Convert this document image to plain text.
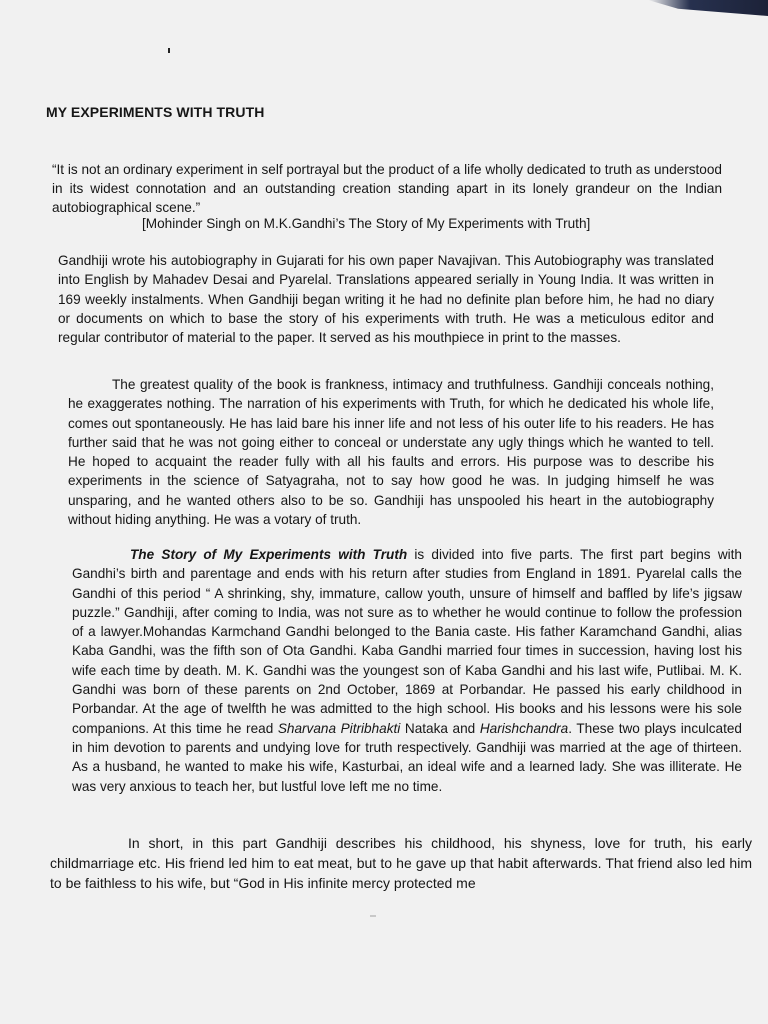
MY EXPERIMENTS WITH TRUTH

“It is not an ordinary experiment in self portrayal but the product of a life wholly dedicated to truth as understood in its widest connotation and an outstanding creation standing apart in its lonely grandeur on the Indian autobiographical scene.”

[Mohinder Singh on M.K.Gandhi’s The Story of My Experiments with Truth]

Gandhiji wrote his autobiography in Gujarati for his own paper Navajivan. This Autobiography was translated into English by Mahadev Desai and Pyarelal. Translations appeared serially in Young India. It was written in 169 weekly instalments. When Gandhiji began writing it he had no definite plan before him, he had no diary or documents on which to base the story of his experiments with truth. He was a meticulous editor and regular contributor of material to the paper. It served as his mouthpiece in print to the masses.

The greatest quality of the book is frankness, intimacy and truthfulness. Gandhiji conceals nothing, he exaggerates nothing. The narration of his experiments with Truth, for which he dedicated his whole life, comes out spontaneously. He has laid bare his inner life and not less of his outer life to his readers. He has further said that he was not going either to conceal or understate any ugly things which he wanted to tell. He hoped to acquaint the reader fully with all his faults and errors. His purpose was to describe his experiments in the science of Satyagraha, not to say how good he was. In judging himself he was unsparing, and he wanted others also to be so. Gandhiji has unspooled his heart in the autobiography without hiding anything. He was a votary of truth.

The Story of My Experiments with Truth is divided into five parts. The first part begins with Gandhi’s birth and parentage and ends with his return after studies from England in 1891. Pyarelal calls the Gandhi of this period “ A shrinking, shy, immature, callow youth, unsure of himself and baffled by life’s jigsaw puzzle.” Gandhiji, after coming to India, was not sure as to whether he would continue to follow the profession of a lawyer.Mohandas Karmchand Gandhi belonged to the Bania caste. His father Karamchand Gandhi, alias Kaba Gandhi, was the fifth son of Ota Gandhi. Kaba Gandhi married four times in succession, having lost his wife each time by death. M. K. Gandhi was the youngest son of Kaba Gandhi and his last wife, Putlibai. M. K. Gandhi was born of these parents on 2nd October, 1869 at Porbandar. He passed his early childhood in Porbandar. At the age of twelfth he was admitted to the high school. His books and his lessons were his sole companions. At this time he read Sharvana Pitribhakti Nataka and Harishchandra. These two plays inculcated in him devotion to parents and undying love for truth respectively. Gandhiji was married at the age of thirteen. As a husband, he wanted to make his wife, Kasturbai, an ideal wife and a learned lady. She was illiterate. He was very anxious to teach her, but lustful love left me no time.

In short, in this part Gandhiji describes his childhood, his shyness, love for truth, his early childmarriage etc. His friend led him to eat meat, but to he gave up that habit afterwards. That friend also led him to be faithless to his wife, but “God in His infinite mercy protected me
